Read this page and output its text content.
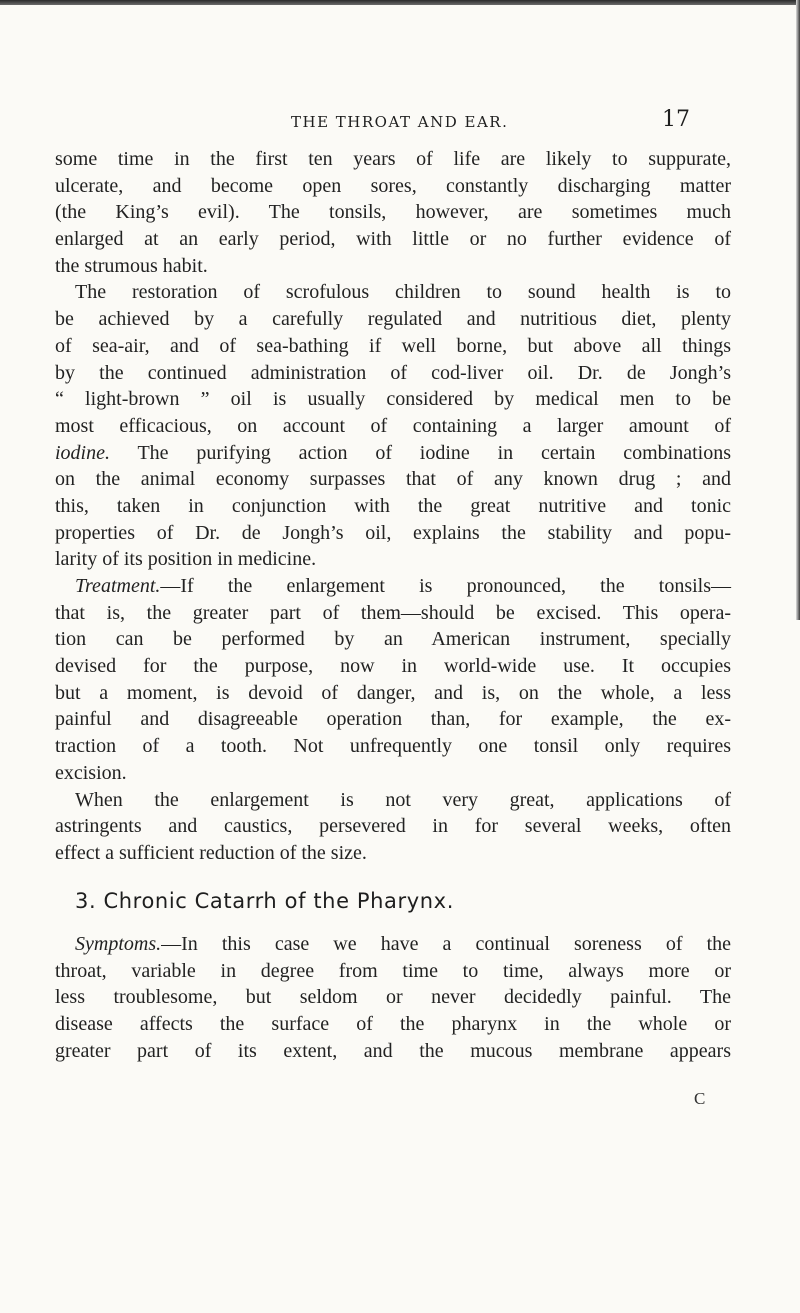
THE THROAT AND EAR.	17
some time in the first ten years of life are likely to suppurate,
ulcerate, and become open sores, constantly discharging matter
(the King’s evil). The tonsils, however, are sometimes much
enlarged at an early period, with little or no further evidence of
the strumous habit.
The restoration of scrofulous children to sound health is to
be achieved by a carefully regulated and nutritious diet, plenty
of sea-air, and of sea-bathing if well borne, but above all things
by the continued administration of cod-liver oil. Dr. de Jongh’s
“ light-brown ” oil is usually considered by medical men to be
most efficacious, on account of containing a larger amount of
iodine. The purifying action of iodine in certain combinations
on the animal economy surpasses that of any known drug ; and
this, taken in conjunction with the great nutritive and tonic
properties of Dr. de Jongh’s oil, explains the stability and popu-
larity of its position in medicine.
Treatment.—If the enlargement is pronounced, the tonsils—
that is, the greater part of them—should be excised. This opera-
tion can be performed by an American instrument, specially
devised for the purpose, now in world-wide use. It occupies
but a moment, is devoid of danger, and is, on the whole, a less
painful and disagreeable operation than, for example, the ex-
traction of a tooth. Not unfrequently one tonsil only requires
excision.
When the enlargement is not very great, applications of
astringents and caustics, persevered in for several weeks, often
effect a sufficient reduction of the size.
3. Chronic Catarrh of the Pharynx.
Symptoms.—In this case we have a continual soreness of the
throat, variable in degree from time to time, always more or
less troublesome, but seldom or never decidedly painful. The
disease affects the surface of the pharynx in the whole or
greater part of its extent, and the mucous membrane appears
C
